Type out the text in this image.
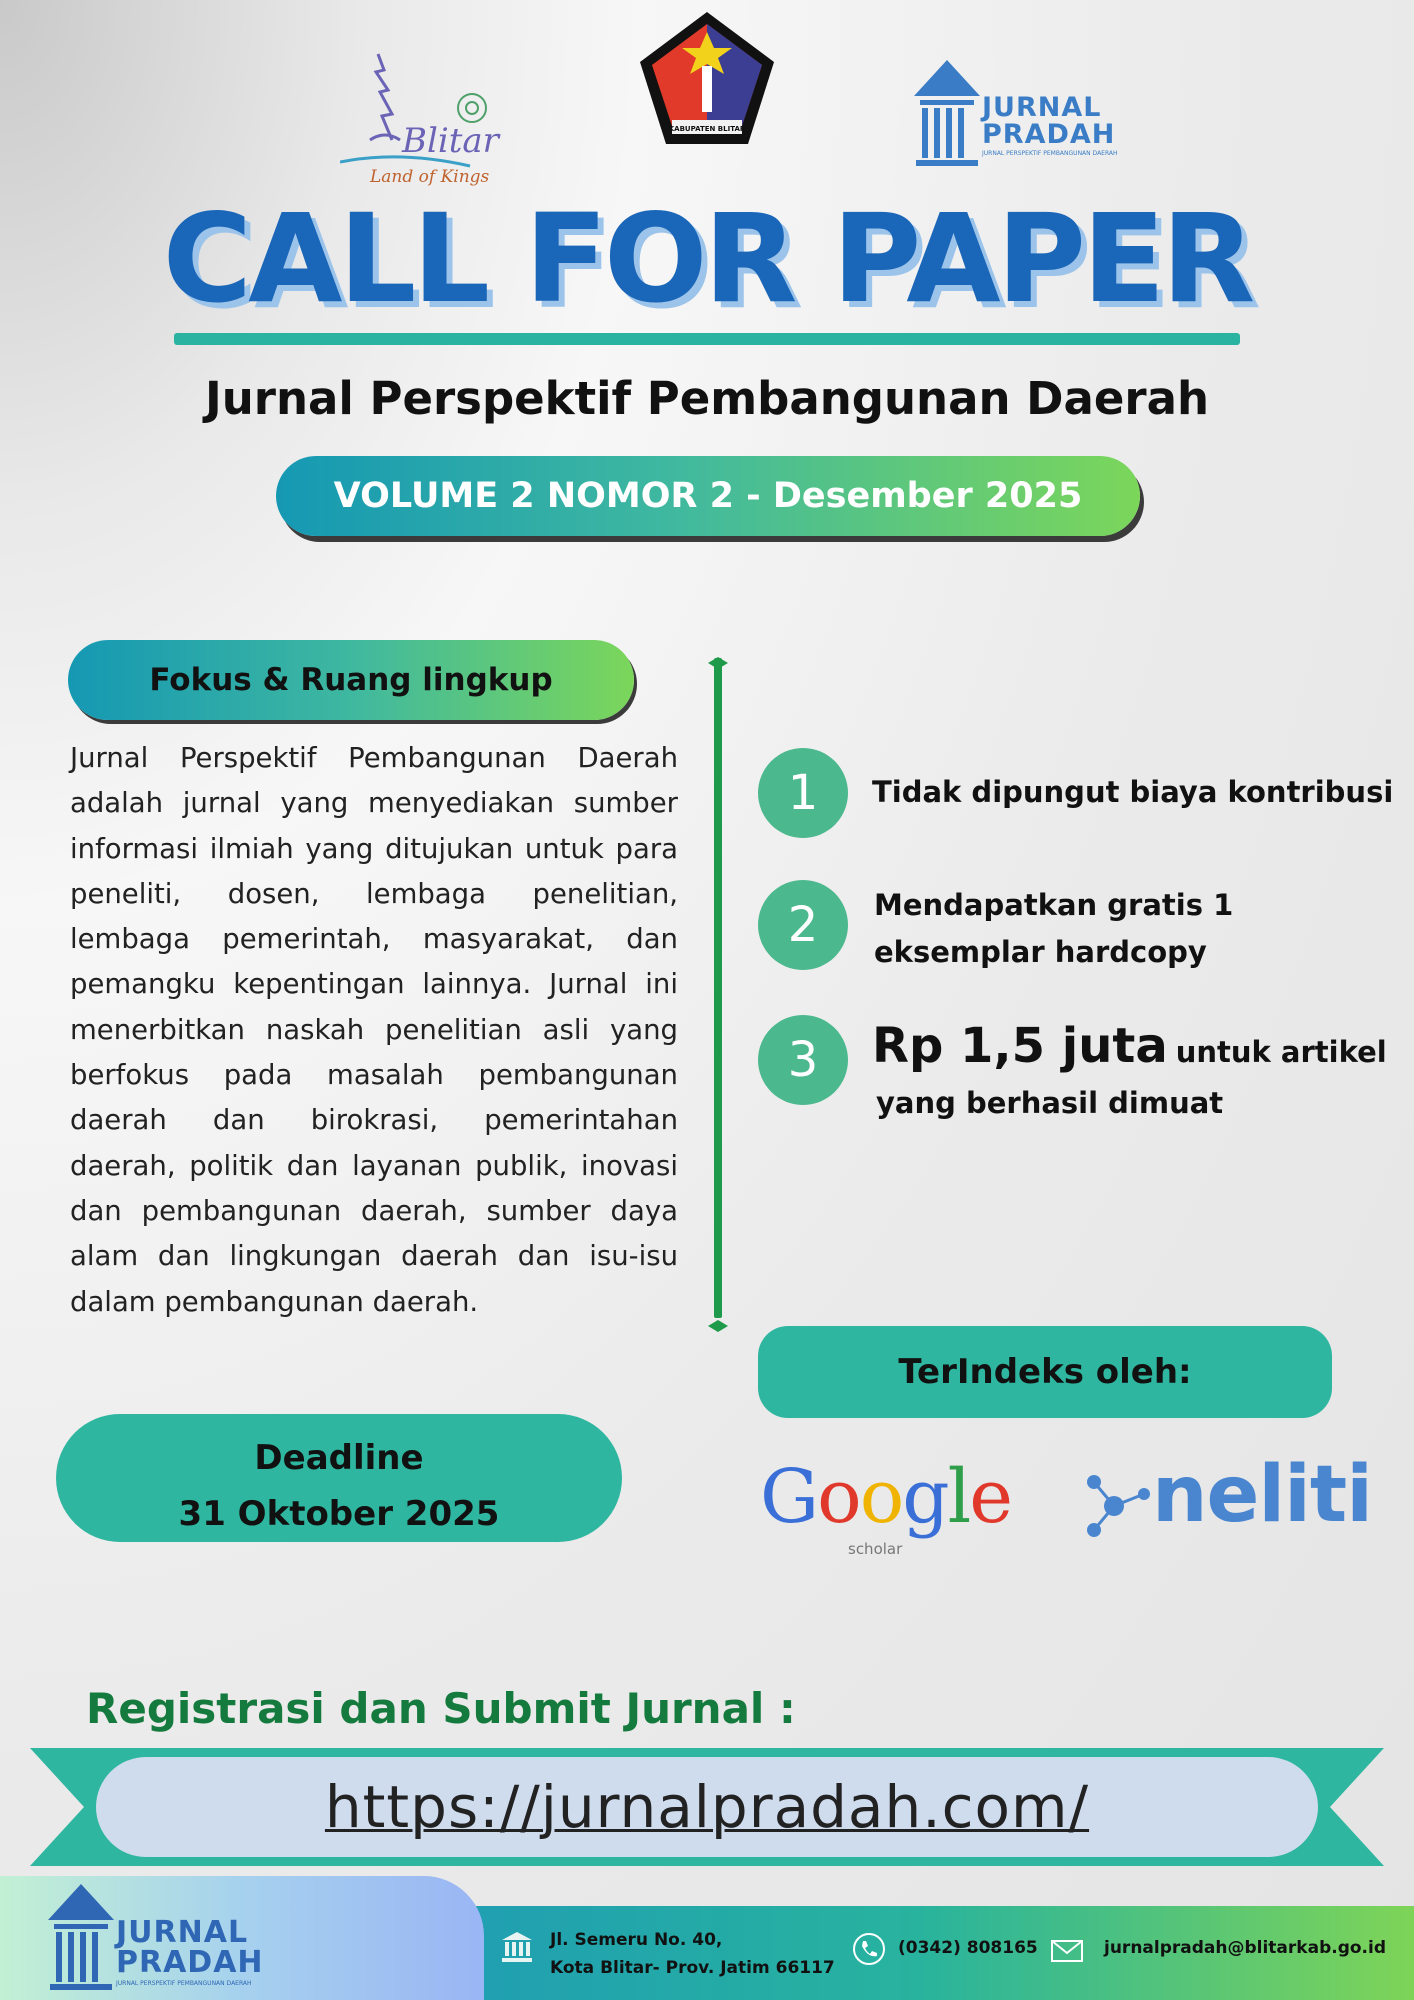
Blitar
Land of Kings
KABUPATEN BLITAR
JURNAL
PRADAH
JURNAL PERSPEKTIF PEMBANGUNAN DAERAH
CALL FOR PAPER
Jurnal Perspektif Pembangunan Daerah
VOLUME 2 NOMOR 2 - Desember 2025
Fokus & Ruang lingkup
Jurnal Perspektif Pembangunan Daerah adalah jurnal yang menyediakan sumber informasi ilmiah yang ditujukan untuk para peneliti, dosen, lembaga penelitian, lembaga pemerintah, masyarakat, dan pemangku kepentingan lainnya. Jurnal ini menerbitkan naskah penelitian asli yang berfokus pada masalah pembangunan daerah dan birokrasi, pemerintahan daerah, politik dan layanan publik, inovasi dan pembangunan daerah, sumber daya alam dan lingkungan daerah dan isu-isu dalam pembangunan daerah.
1	Tidak dipungut biaya kontribusi
2	Mendapatkan gratis 1 eksemplar hardcopy
3	Rp 1,5 juta untuk artikel
yang berhasil dimuat
TerIndeks oleh:
Google
scholar
neliti
Deadline
31 Oktober 2025
Registrasi dan Submit Jurnal :
https://jurnalpradah.com/
JURNAL
PRADAH
JURNAL PERSPEKTIF PEMBANGUNAN DAERAH
Jl. Semeru No. 40,
Kota Blitar- Prov. Jatim 66117
(0342) 808165	jurnalpradah@blitarkab.go.id
